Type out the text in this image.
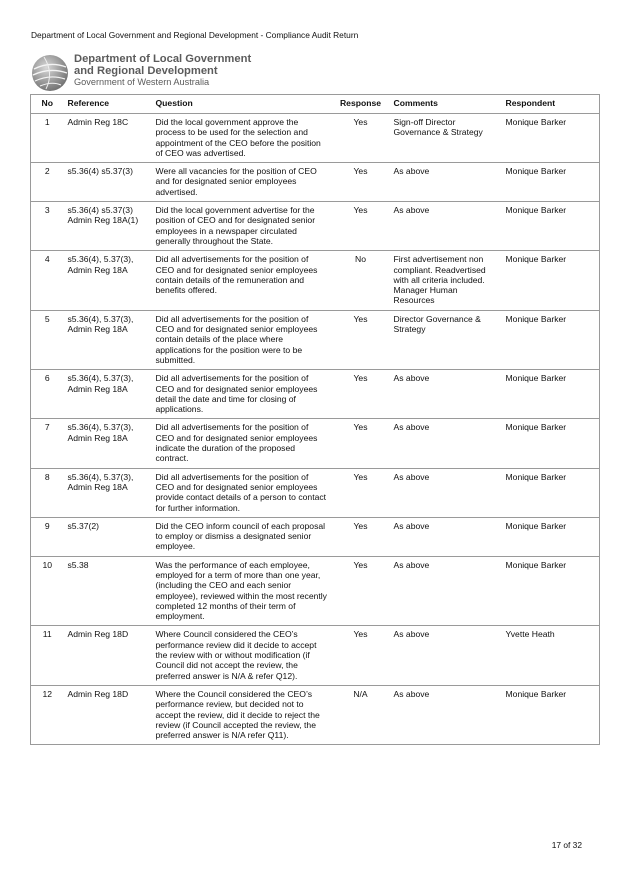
Department of Local Government and Regional Development - Compliance Audit Return
Department of Local Government
and Regional Development
Government of Western Australia
No	Reference	Question	Response	Comments	Respondent
1	Admin Reg 18C	Did the local government approve the process to be used for the selection and appointment of the CEO before the position of CEO was advertised.	Yes	Sign-off Director Governance & Strategy	Monique Barker
2	s5.36(4) s5.37(3)	Were all vacancies for the position of CEO and for designated senior employees advertised.	Yes	As above	Monique Barker
3	s5.36(4) s5.37(3) Admin Reg 18A(1)	Did the local government advertise for the position of CEO and for designated senior employees in a newspaper circulated generally throughout the State.	Yes	As above	Monique Barker
4	s5.36(4), 5.37(3), Admin Reg 18A	Did all advertisements for the position of CEO and for designated senior employees contain details of the remuneration and benefits offered.	No	First advertisement non compliant. Readvertised with all criteria included. Manager Human Resources	Monique Barker
5	s5.36(4), 5.37(3), Admin Reg 18A	Did all advertisements for the position of CEO and for designated senior employees contain details of the place where applications for the position were to be submitted.	Yes	Director Governance & Strategy	Monique Barker
6	s5.36(4), 5.37(3), Admin Reg 18A	Did all advertisements for the position of CEO and for designated senior employees detail the date and time for closing of applications.	Yes	As above	Monique Barker
7	s5.36(4), 5.37(3), Admin Reg 18A	Did all advertisements for the position of CEO and for designated senior employees indicate the duration of the proposed contract.	Yes	As above	Monique Barker
8	s5.36(4), 5.37(3), Admin Reg 18A	Did all advertisements for the position of CEO and for designated senior employees provide contact details of a person to contact for further information.	Yes	As above	Monique Barker
9	s5.37(2)	Did the CEO inform council of each proposal to employ or dismiss a designated senior employee.	Yes	As above	Monique Barker
10	s5.38	Was the performance of each employee, employed for a term of more than one year, (including the CEO and each senior employee), reviewed within the most recently completed 12 months of their term of employment.	Yes	As above	Monique Barker
11	Admin Reg 18D	Where Council considered the CEO’s performance review did it decide to accept the review with or without modification (if Council did not accept the review, the preferred answer is N/A & refer Q12).	Yes	As above	Yvette Heath
12	Admin Reg 18D	Where the Council considered the CEO’s performance review, but decided not to accept the review, did it decide to reject the review (if Council accepted the review, the preferred answer is N/A refer Q11).	N/A	As above	Monique Barker
17 of 32
